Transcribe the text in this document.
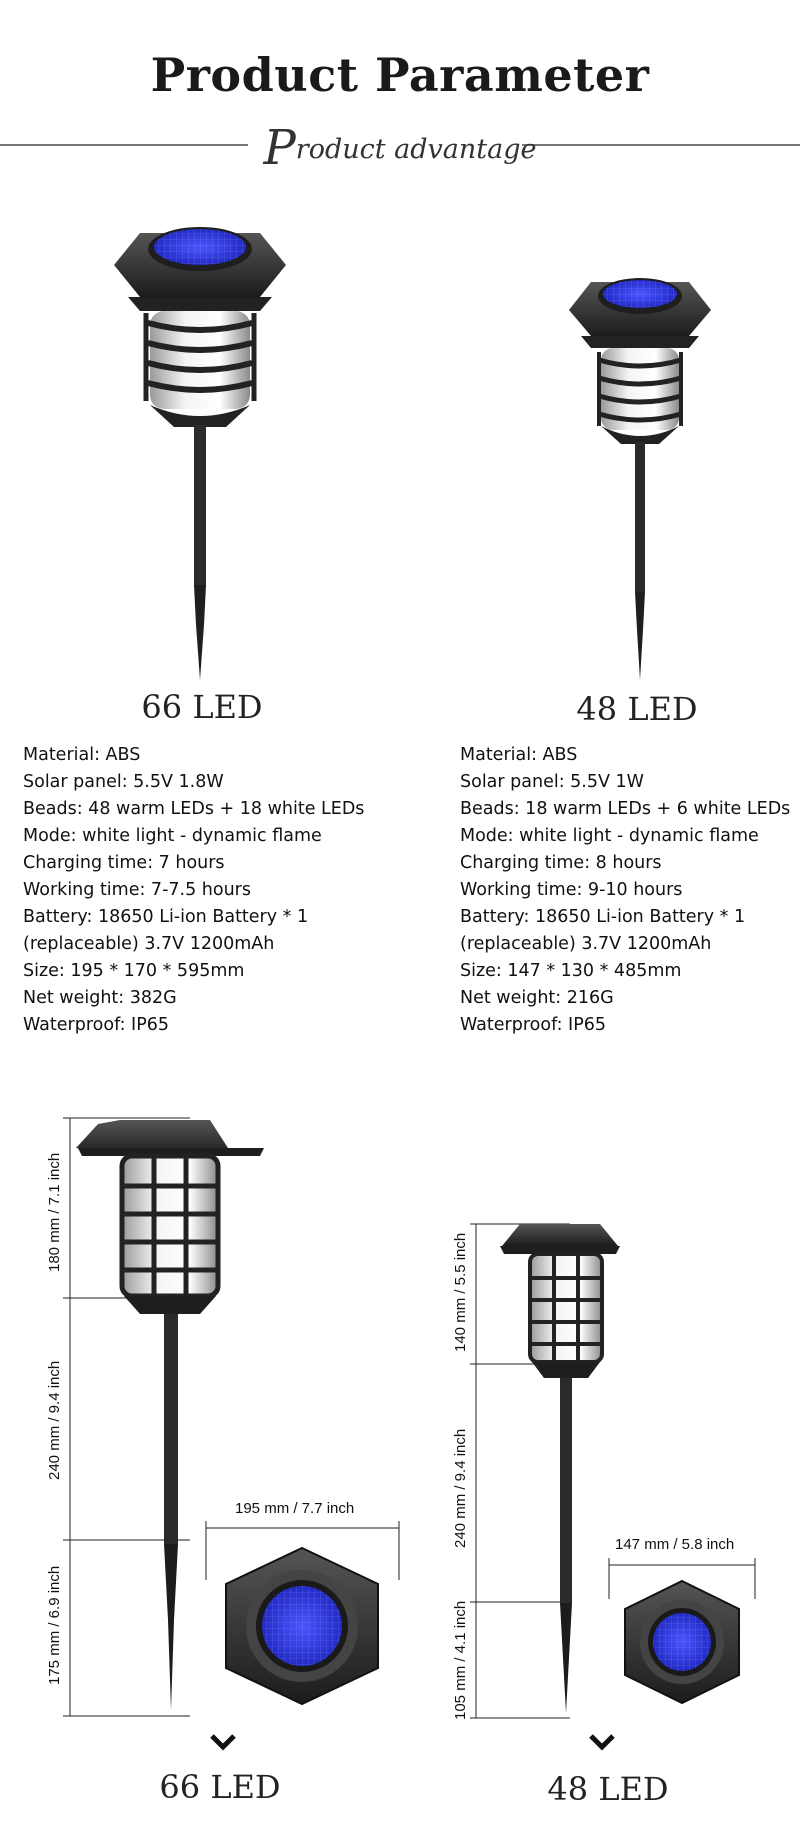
Product Parameter
Product advantage
66 LED	48 LED
Material: ABS
Solar panel: 5.5V 1.8W
Beads: 48 warm LEDs + 18 white LEDs
Mode: white light - dynamic flame
Charging time: 7 hours
Working time: 7-7.5 hours
Battery: 18650 Li-ion Battery * 1
(replaceable) 3.7V 1200mAh
Size: 195 * 170 * 595mm
Net weight: 382G
Waterproof: IP65
Material: ABS
Solar panel: 5.5V 1W
Beads: 18 warm LEDs + 6 white LEDs
Mode: white light - dynamic flame
Charging time: 8 hours
Working time: 9-10 hours
Battery: 18650 Li-ion Battery * 1
(replaceable) 3.7V 1200mAh
Size: 147 * 130 * 485mm
Net weight: 216G
Waterproof: IP65
180 mm / 7.1 inch
240 mm / 9.4 inch
175 mm / 6.9 inch
195 mm / 7.7 inch
140 mm / 5.5 inch
240 mm / 9.4 inch
105 mm / 4.1 inch
147 mm / 5.8 inch
66 LED	48 LED
